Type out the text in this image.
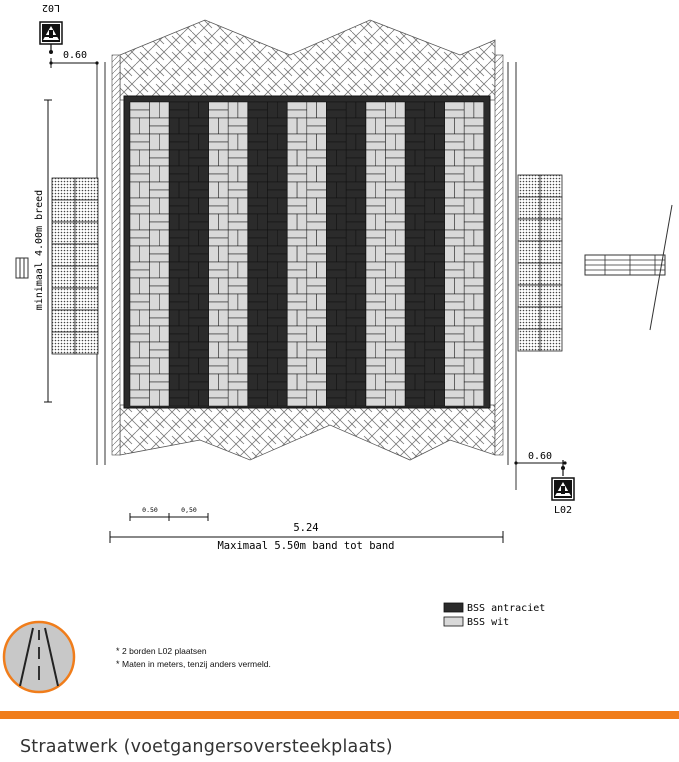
L02
L02
0.60
0.60
minimaal 4.00m breed
0.50	0,50
5.24
Maximaal 5.50m band tot band
BSS antraciet
BSS wit
* 2 borden L02 plaatsen
* Maten in meters, tenzij anders vermeld.
Straatwerk (voetgangersoversteekplaats)
